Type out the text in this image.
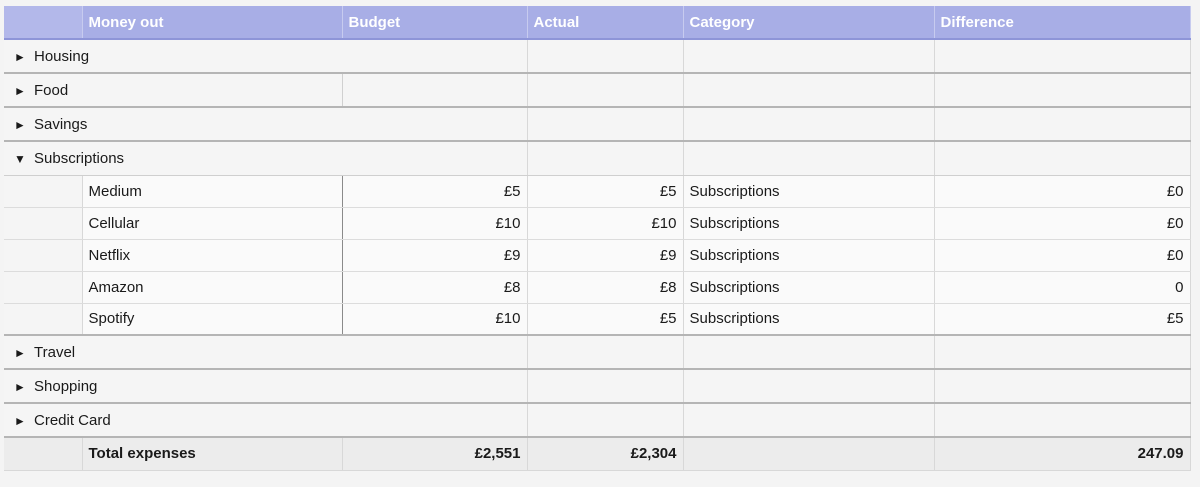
	Money out	Budget	Actual	Category	Difference
► Housing					
► Food					
► Savings					
▼ Subscriptions					
	Medium	£5	£5	Subscriptions	£0
	Cellular	£10	£10	Subscriptions	£0
	Netflix	£9	£9	Subscriptions	£0
	Amazon	£8	£8	Subscriptions	0
	Spotify	£10	£5	Subscriptions	£5
► Travel					
► Shopping					
► Credit Card					
	Total expenses	£2,551	£2,304		247.09
